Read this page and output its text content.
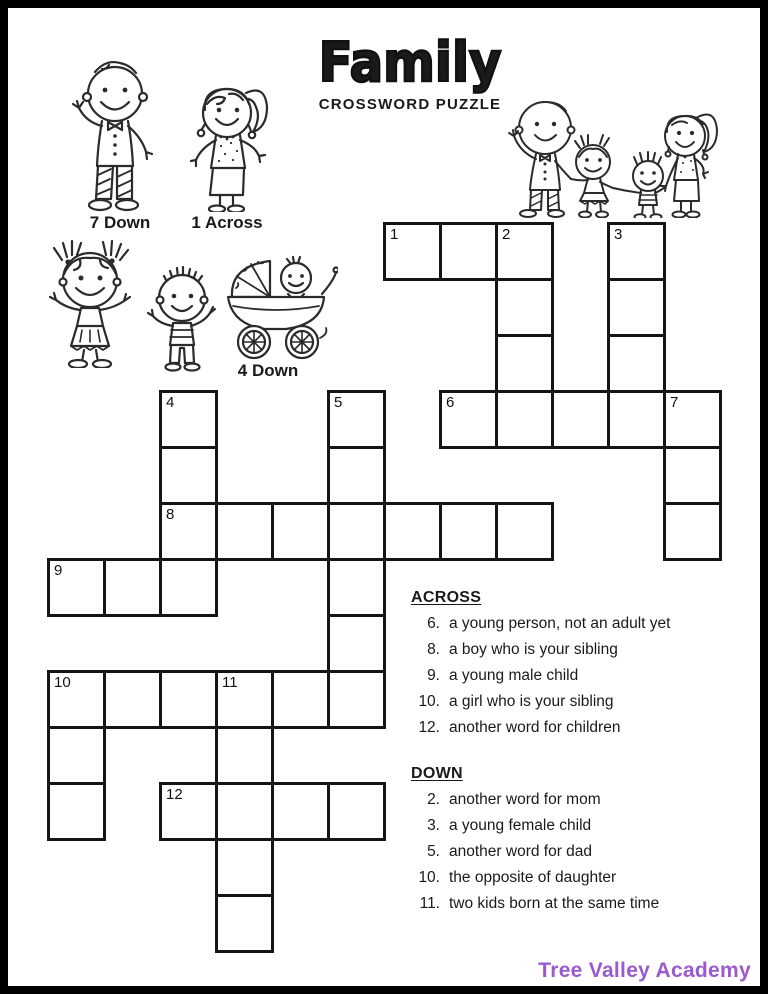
Family
CROSSWORD PUZZLE
7 Down	1 Across
4 Down
1	2	3
4	5	6	7
8
9
10	11
12
ACROSS
6. a young person, not an adult yet
8. a boy who is your sibling
9. a young male child
10. a girl who is your sibling
12. another word for children
DOWN
2. another word for mom
3. a young female child
5. another word for dad
10. the opposite of daughter
11. two kids born at the same time
Tree Valley Academy
